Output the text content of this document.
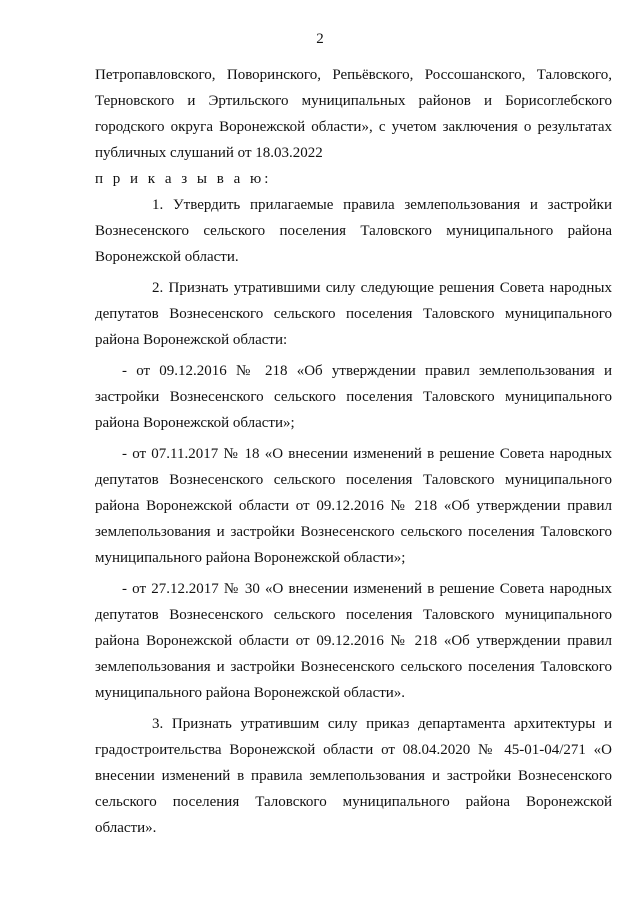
2

Петропавловского, Поворинского, Репьёвского, Россошанского, Таловского, Терновского и Эртильского муниципальных районов и Борисоглебского городского округа Воронежской области», с учетом заключения о результатах публичных слушаний от 18.03.2022

п р и к а з ы в а ю:

1. Утвердить прилагаемые правила землепользования и застройки Вознесенского сельского поселения Таловского муниципального района Воронежской области.

2. Признать утратившими силу следующие решения Совета народных депутатов Вознесенского сельского поселения Таловского муниципального района Воронежской области:

- от 09.12.2016 № 218 «Об утверждении правил землепользования и застройки Вознесенского сельского поселения Таловского муниципального района Воронежской области»;

- от 07.11.2017 № 18 «О внесении изменений в решение Совета народных депутатов Вознесенского сельского поселения Таловского муниципального района Воронежской области от 09.12.2016 № 218 «Об утверждении правил землепользования и застройки Вознесенского сельского поселения Таловского муниципального района Воронежской области»;

- от 27.12.2017 № 30 «О внесении изменений в решение Совета народных депутатов Вознесенского сельского поселения Таловского муниципального района Воронежской области от 09.12.2016 № 218 «Об утверждении правил землепользования и застройки Вознесенского сельского поселения Таловского муниципального района Воронежской области».

3. Признать утратившим силу приказ департамента архитектуры и градостроительства Воронежской области от 08.04.2020 № 45-01-04/271 «О внесении изменений в правила землепользования и застройки Вознесенского сельского поселения Таловского муниципального района Воронежской области».
